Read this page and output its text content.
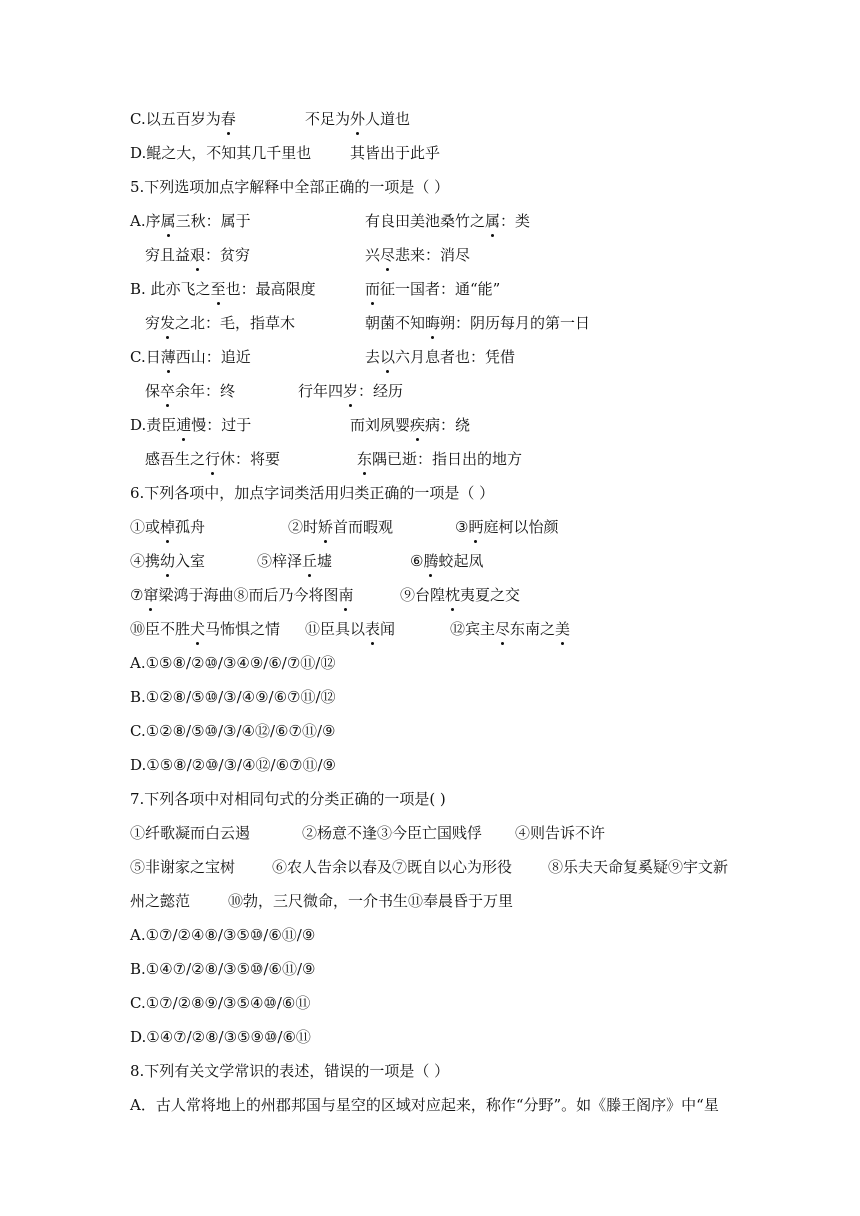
C.以五百岁为春	不足为外人道也
D.鲲之大，不知其几千里也	其皆出于此乎
5.下列选项加点字解释中全部正确的一项是（ ）
A.序属三秋：属于	有良田美池桑竹之属：类
穷且益艰：贫穷	兴尽悲来：消尽
B. 此亦飞之至也：最高限度	而征一国者：通“能”
穷发之北：毛，指草木	朝菌不知晦朔：阴历每月的第一日
C.日薄西山：追近	去以六月息者也：凭借
保卒余年：终	行年四岁：经历
D.责臣逋慢：过于	而刘夙婴疾病：绕
感吾生之行休：将要	东隅已逝：指日出的地方
6.下列各项中，加点字词类活用归类正确的一项是（ ）
①或棹孤舟	②时矫首而暇观	③眄庭柯以怡颜
④携幼入室	⑤梓泽丘墟	⑥腾蛟起凤
⑦窜梁鸿于海曲⑧而后乃今将图南	⑨台隍枕夷夏之交
⑩臣不胜犬马怖惧之情 ⑪臣具以表闻	⑫宾主尽东南之美
A.①⑤⑧/②⑩/③④⑨/⑥/⑦⑪/⑫
B.①②⑧/⑤⑩/③/④⑨/⑥⑦⑪/⑫
C.①②⑧/⑤⑩/③/④⑫/⑥⑦⑪/⑨
D.①⑤⑧/②⑩/③/④⑫/⑥⑦⑪/⑨
7.下列各项中对相同句式的分类正确的一项是( )
①纤歌凝而白云遏	②杨意不逢③今臣亡国贱俘 ④则告诉不许
⑤非谢家之宝树 ⑥农人告余以春及⑦既自以心为形役 ⑧乐夫天命复奚疑⑨宇文新
州之懿范	⑩勃，三尺微命，一介书生⑪奉晨昏于万里
A.①⑦/②④⑧/③⑤⑩/⑥⑪/⑨
B.①④⑦/②⑧/③⑤⑩/⑥⑪/⑨
C.①⑦/②⑧⑨/③⑤④⑩/⑥⑪
D.①④⑦/②⑧/③⑤⑨⑩/⑥⑪
8.下列有关文学常识的表述，错误的一项是（ ）
A．古人常将地上的州郡邦国与星空的区域对应起来，称作“分野”。如《滕王阁序》中“星
